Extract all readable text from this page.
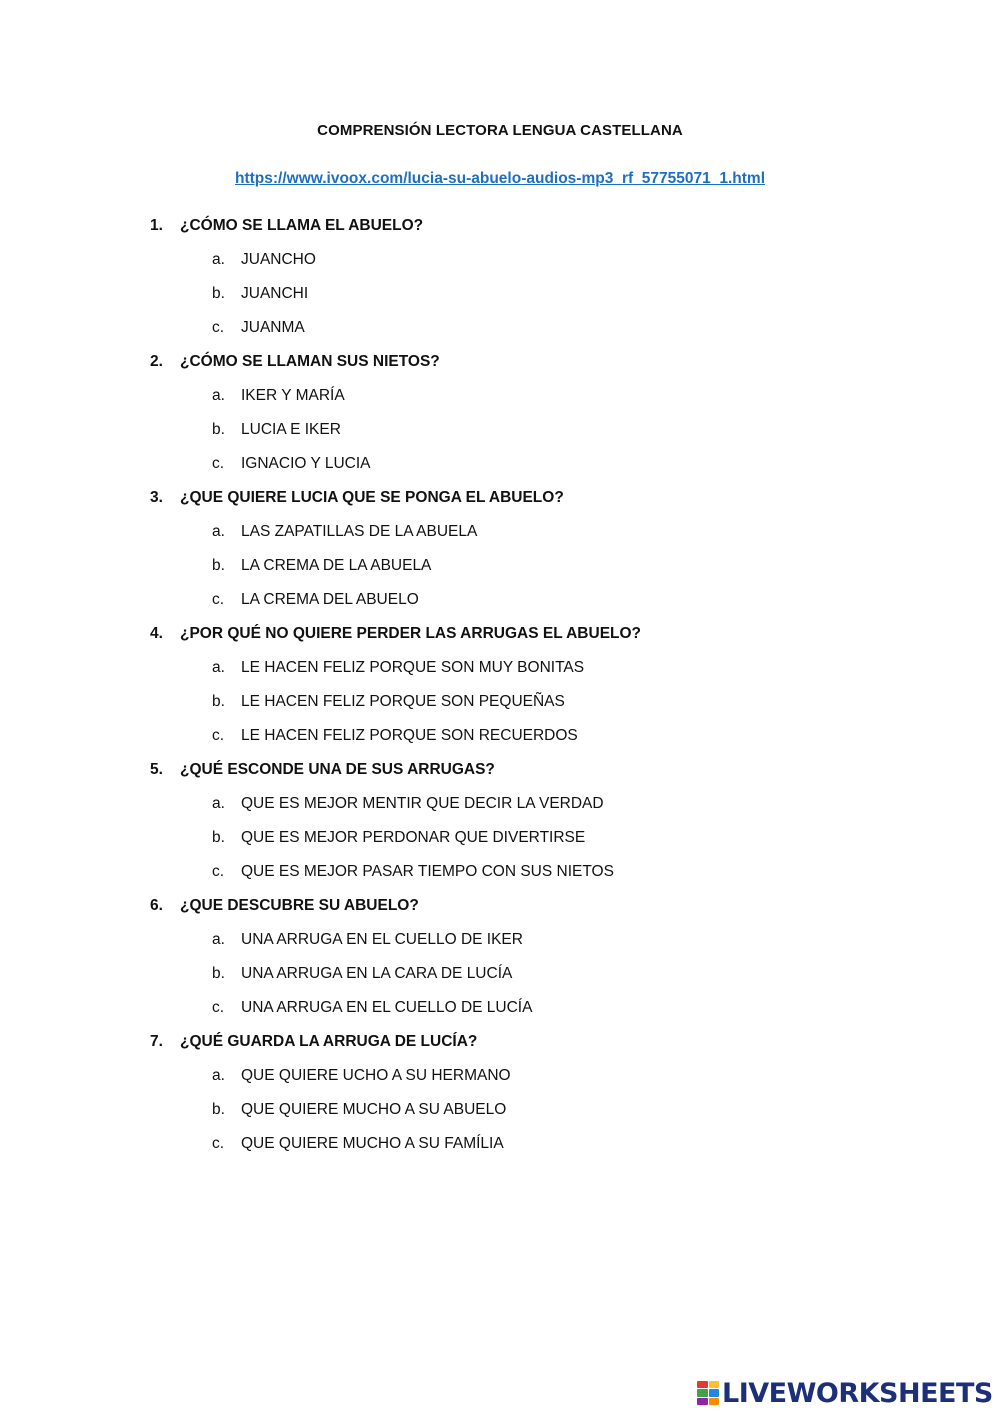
COMPRENSIÓN LECTORA LENGUA CASTELLANA
https://www.ivoox.com/lucia-su-abuelo-audios-mp3_rf_57755071_1.html
1. ¿CÓMO SE LLAMA EL ABUELO?
a. JUANCHO
b. JUANCHI
c. JUANMA
2. ¿CÓMO SE LLAMAN SUS NIETOS?
a. IKER Y MARÍA
b. LUCIA E IKER
c. IGNACIO Y LUCIA
3. ¿QUE QUIERE LUCIA QUE SE PONGA EL ABUELO?
a. LAS ZAPATILLAS DE LA ABUELA
b. LA CREMA DE LA ABUELA
c. LA CREMA DEL ABUELO
4. ¿POR QUÉ NO QUIERE PERDER LAS ARRUGAS EL ABUELO?
a. LE HACEN FELIZ PORQUE SON MUY BONITAS
b. LE HACEN FELIZ PORQUE SON PEQUEÑAS
c. LE HACEN FELIZ PORQUE SON RECUERDOS
5. ¿QUÉ ESCONDE UNA DE SUS ARRUGAS?
a. QUE ES MEJOR MENTIR QUE DECIR LA VERDAD
b. QUE ES MEJOR PERDONAR QUE DIVERTIRSE
c. QUE ES MEJOR PASAR TIEMPO CON SUS NIETOS
6. ¿QUE DESCUBRE SU ABUELO?
a. UNA ARRUGA EN EL CUELLO DE IKER
b. UNA ARRUGA EN LA CARA DE LUCÍA
c. UNA ARRUGA EN EL CUELLO DE LUCÍA
7. ¿QUÉ GUARDA LA ARRUGA DE LUCÍA?
a. QUE QUIERE UCHO A SU HERMANO
b. QUE QUIERE MUCHO A SU ABUELO
c. QUE QUIERE MUCHO A SU FAMÍLIA
LIVEWORKSHEETS
